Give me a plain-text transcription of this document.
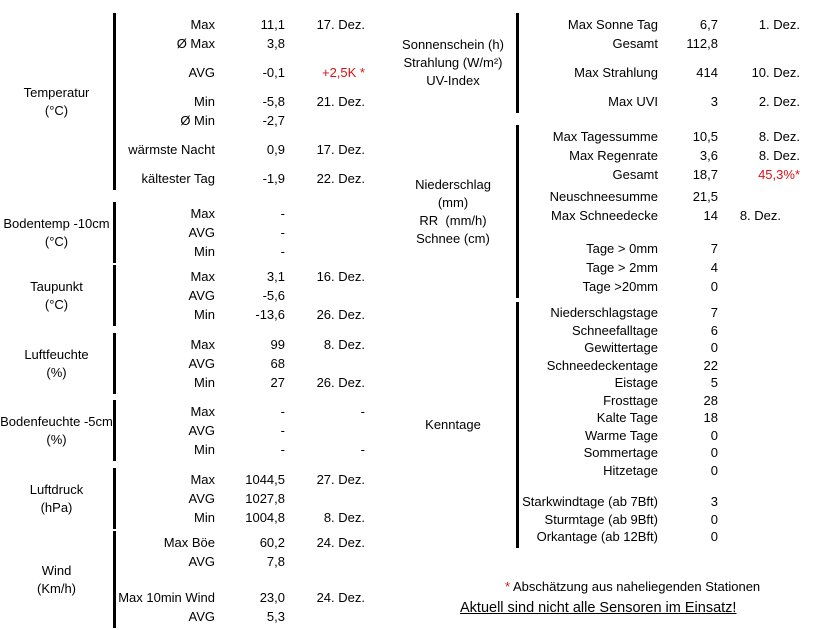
Temperatur
(°C)
Max	11,1	17. Dez.
Ø Max	3,8
AVG	-0,1	+2,5K *
Min	-5,8	21. Dez.
Ø Min	-2,7
wärmste Nacht	0,9	17. Dez.
kältester Tag	-1,9	22. Dez.
Bodentemp -10cm
(°C)
Max	-
AVG	-
Min	-
Taupunkt
(°C)
Max	3,1	16. Dez.
AVG	-5,6
Min	-13,6	26. Dez.
Luftfeuchte
(%)
Max	99	8. Dez.
AVG	68
Min	27	26. Dez.
Bodenfeuchte -5cm
(%)
Max	-	-
AVG	-
Min	-	-
Luftdruck
(hPa)
Max	1044,5	27. Dez.
AVG	1027,8
Min	1004,8	8. Dez.
Wind
(Km/h)
Max Böe	60,2	24. Dez.
AVG	7,8
Max 10min Wind	23,0	24. Dez.
AVG	5,3
Sonnenschein (h)
Strahlung (W/m²)
UV-Index
Max Sonne Tag	6,7	1. Dez.
Gesamt	112,8
Max Strahlung	414	10. Dez.
Max UVI	3	2. Dez.
Niederschlag
(mm)
RR  (mm/h)
Schnee (cm)
Max Tagessumme	10,5	8. Dez.
Max Regenrate	3,6	8. Dez.
Gesamt	18,7	45,3%*
Neuschneesumme	21,5
Max Schneedecke	14	8. Dez.
Tage > 0mm	7
Tage > 2mm	4
Tage >20mm	0
Kenntage
Niederschlagstage	7
Schneefalltage	6
Gewittertage	0
Schneedeckentage	22
Eistage	5
Frosttage	28
Kalte Tage	18
Warme Tage	0
Sommertage	0
Hitzetage	0
Starkwindtage (ab 7Bft)	3
Sturmtage (ab 9Bft)	0
Orkantage (ab 12Bft)	0
* Abschätzung aus naheliegenden Stationen
Aktuell sind nicht alle Sensoren im Einsatz!
